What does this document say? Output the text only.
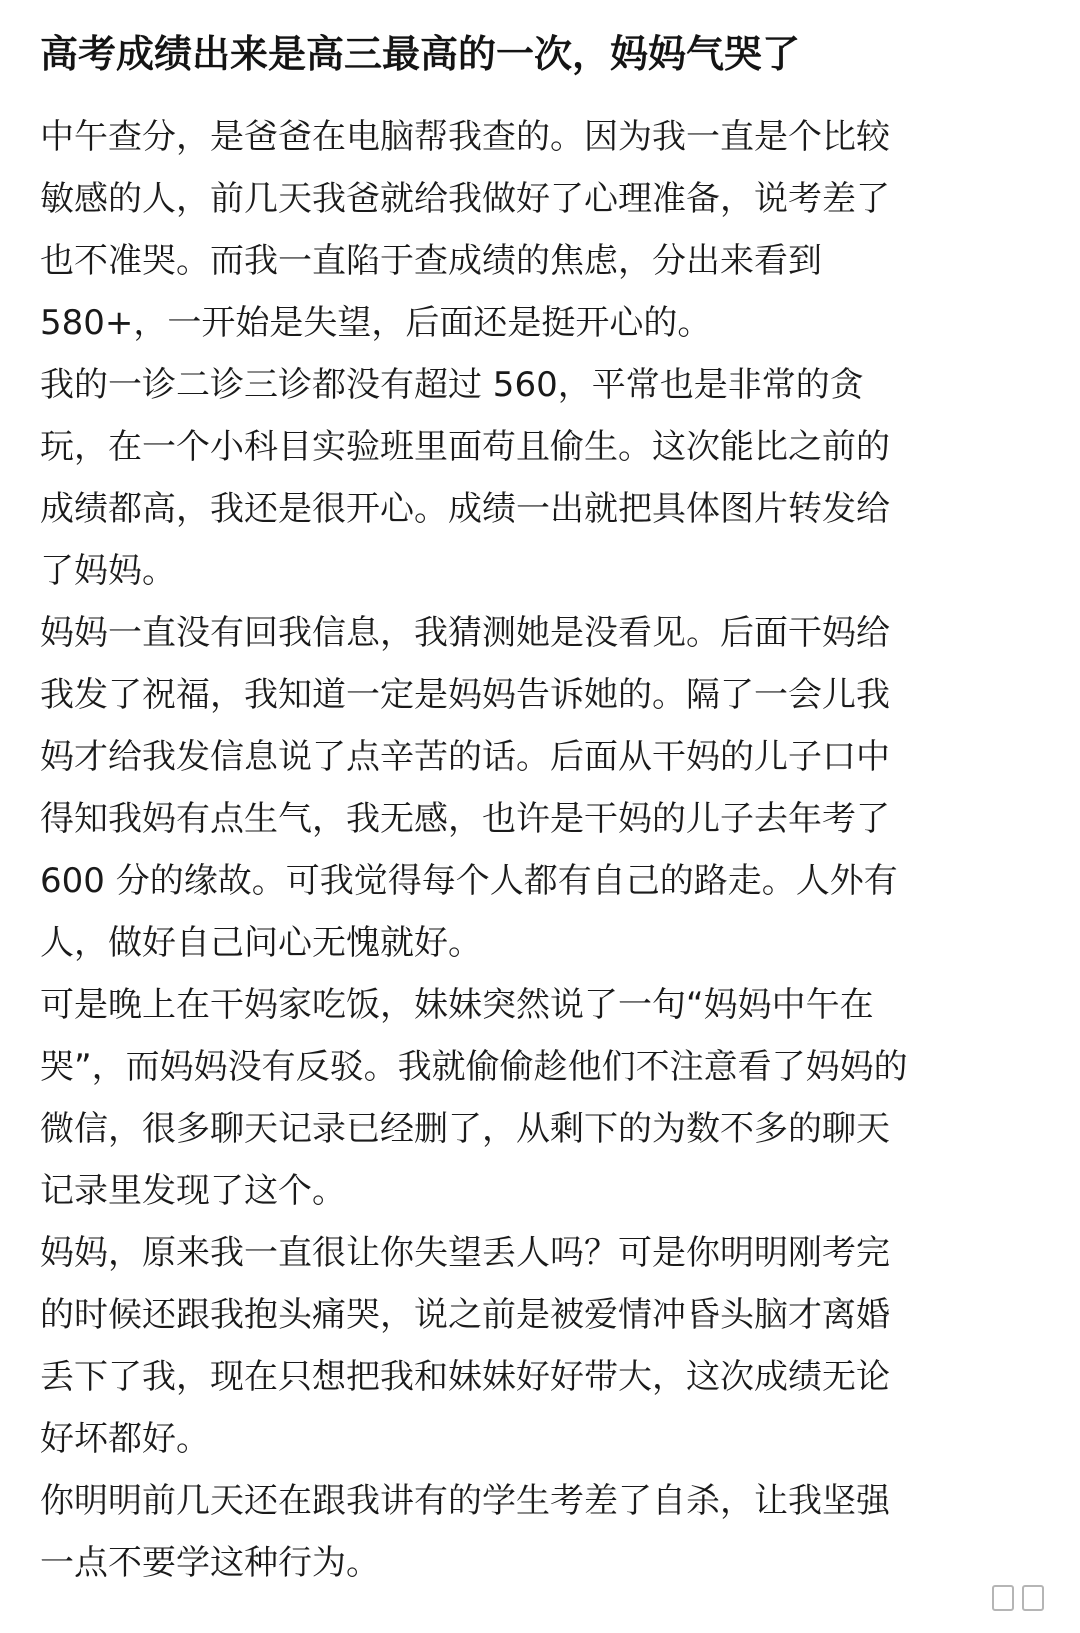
高考成绩出来是高三最高的一次，妈妈气哭了
中午查分，是爸爸在电脑帮我查的。因为我一直是个比较
敏感的人，前几天我爸就给我做好了心理准备，说考差了
也不准哭。而我一直陷于查成绩的焦虑，分出来看到
580+，一开始是失望，后面还是挺开心的。
我的一诊二诊三诊都没有超过 560，平常也是非常的贪
玩，在一个小科目实验班里面苟且偷生。这次能比之前的
成绩都高，我还是很开心。成绩一出就把具体图片转发给
了妈妈。
妈妈一直没有回我信息，我猜测她是没看见。后面干妈给
我发了祝福，我知道一定是妈妈告诉她的。隔了一会儿我
妈才给我发信息说了点辛苦的话。后面从干妈的儿子口中
得知我妈有点生气，我无感，也许是干妈的儿子去年考了
600 分的缘故。可我觉得每个人都有自己的路走。人外有
人，做好自己问心无愧就好。
可是晚上在干妈家吃饭，妹妹突然说了一句“妈妈中午在
哭”，而妈妈没有反驳。我就偷偷趁他们不注意看了妈妈的
微信，很多聊天记录已经删了，从剩下的为数不多的聊天
记录里发现了这个。
妈妈，原来我一直很让你失望丢人吗？可是你明明刚考完
的时候还跟我抱头痛哭，说之前是被爱情冲昏头脑才离婚
丢下了我，现在只想把我和妹妹好好带大，这次成绩无论
好坏都好。
你明明前几天还在跟我讲有的学生考差了自杀，让我坚强
一点不要学这种行为。
